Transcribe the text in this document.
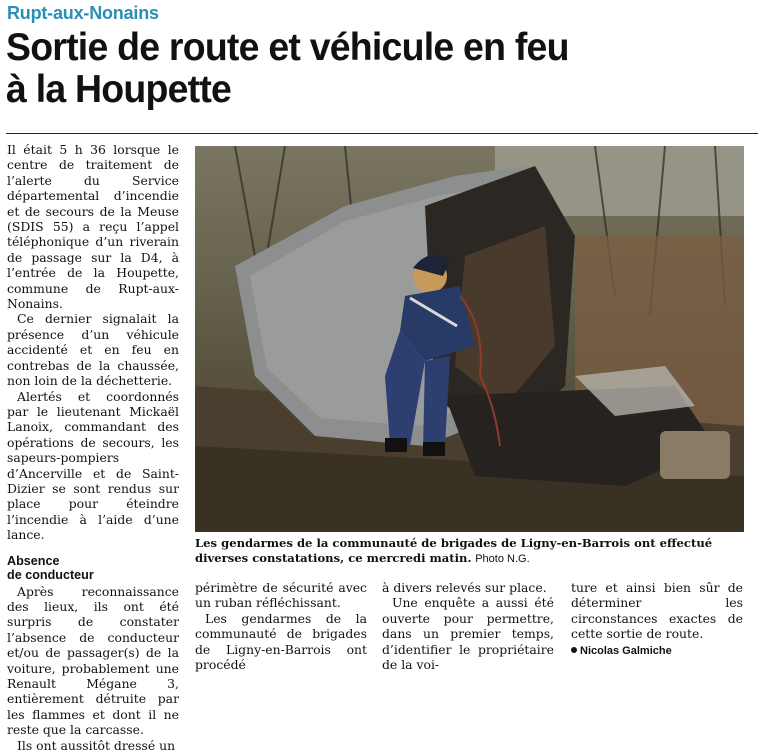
Rupt-aux-Nonains
Sortie de route et véhicule en feu
à la Houpette

Il était 5 h 36 lorsque le centre de traitement de l’alerte du Service départemental d’incendie et de secours de la Meuse (SDIS 55) a reçu l’appel téléphonique d’un riverain de passage sur la D4, à l’entrée de la Houpette, commune de Rupt-aux-Nonains.

Ce dernier signalait la présence d’un véhicule accidenté et en feu en contrebas de la chaussée, non loin de la déchetterie.

Alertés et coordonnés par le lieutenant Mickaël Lanoix, commandant des opérations de secours, les sapeurs-pompiers d’Ancerville et de Saint-Dizier se sont rendus sur place pour éteindre l’incendie à l’aide d’une lance.

Absence
de conducteur

Après reconnaissance des lieux, ils ont été surpris de constater l’absence de conducteur et/ou de passager(s) de la voiture, probablement une Renault Mégane 3, entièrement détruite par les flammes et dont il ne reste que la carcasse.

Ils ont aussitôt dressé un

Les gendarmes de la communauté de brigades de Ligny-en-Barrois ont effectué diverses constatations, ce mercredi matin. Photo N.G.

périmètre de sécurité avec un ruban réfléchissant.

Les gendarmes de la communauté de brigades de Ligny-en-Barrois ont procédé

à divers relevés sur place.

Une enquête a aussi été ouverte pour permettre, dans un premier temps, d’identifier le propriétaire de la voi-

ture et ainsi bien sûr de déterminer les circonstances exactes de cette sortie de route.

Nicolas Galmiche
